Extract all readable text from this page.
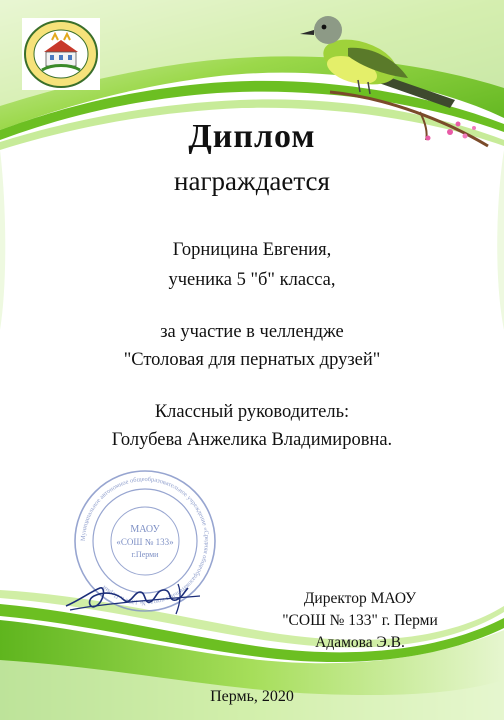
Диплом
награждается
Горницина Евгения,
ученика 5 "б" класса,
за участие в челлендже
"Столовая для пернатых друзей"
Классный руководитель:
Голубева Анжелика Владимировна.
Муниципальное автономное общеобразовательное учреждение «Средняя общеобразовательная школа № 133» г. Перми
МАОУ
«СОШ № 133»
г.Перми
Директор МАОУ
"СОШ № 133" г. Перми
Адамова Э.В.
Пермь, 2020
